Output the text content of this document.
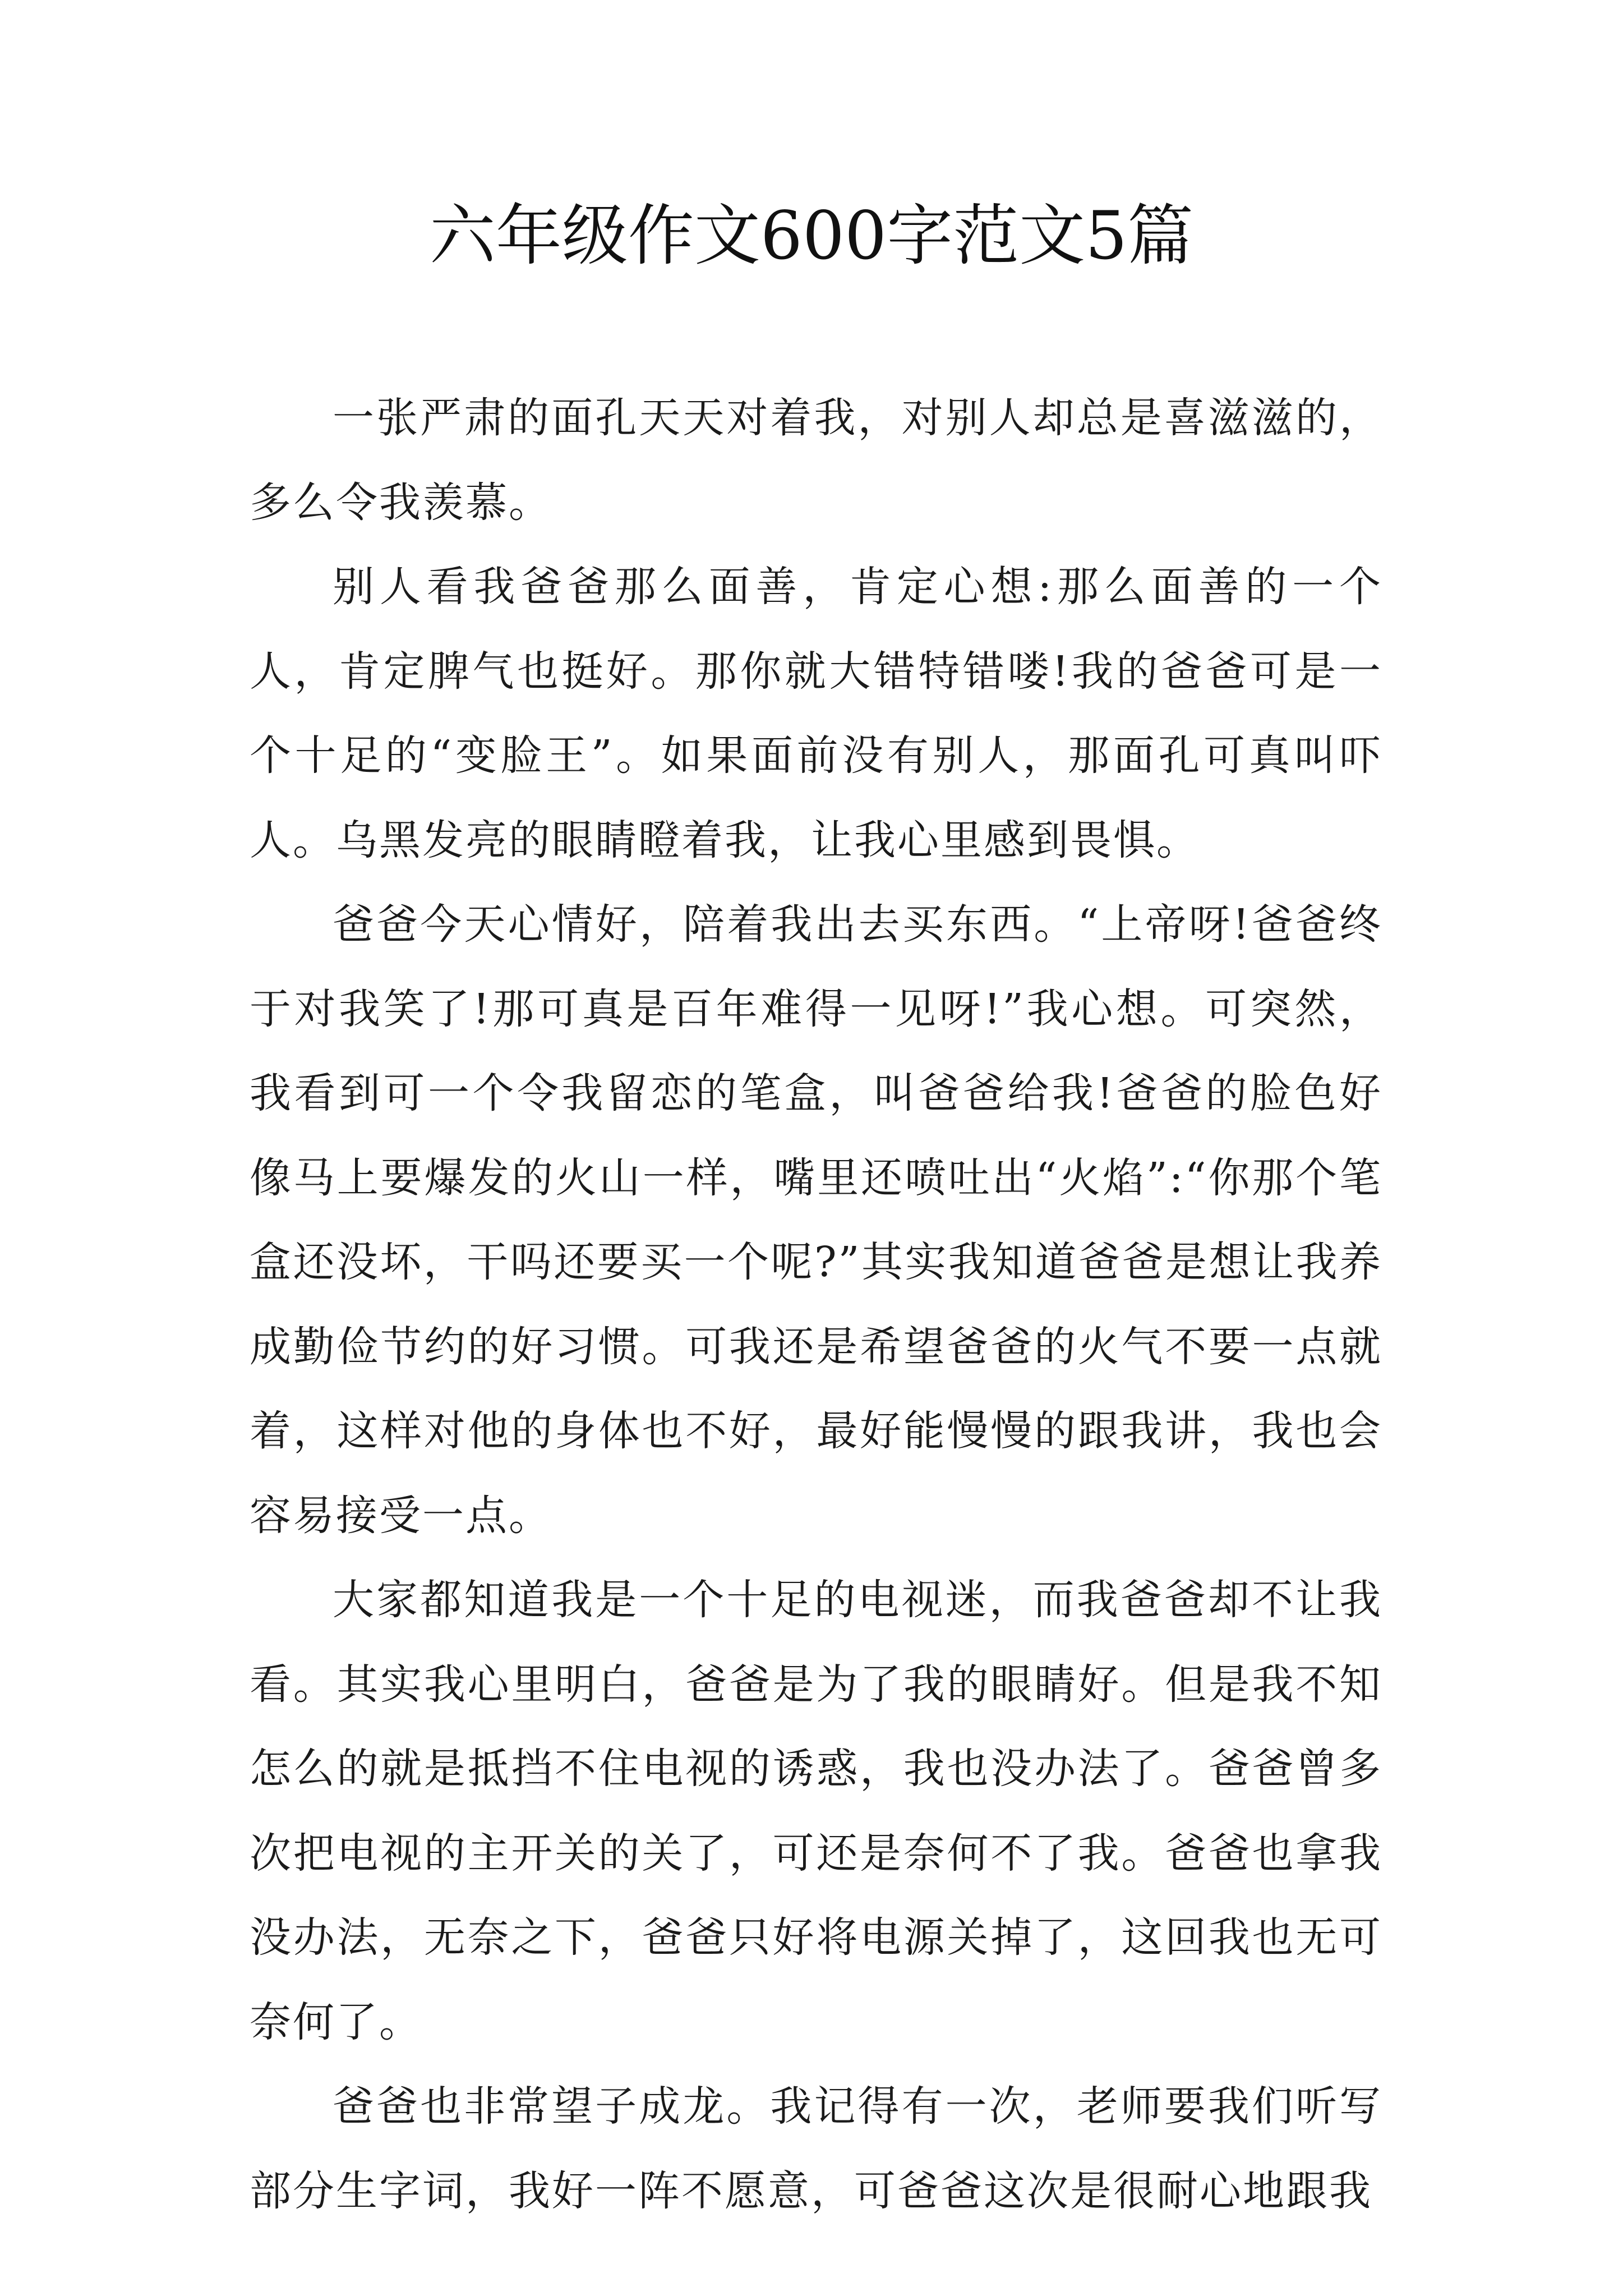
六年级作文600字范文5篇

一张严肃的面孔天天对着我，对别人却总是喜滋滋的，多么令我羡慕。

别人看我爸爸那么面善，肯定心想:那么面善的一个人，肯定脾气也挺好。那你就大错特错喽!我的爸爸可是一个十足的“变脸王”。如果面前没有别人，那面孔可真叫吓人。乌黑发亮的眼睛瞪着我，让我心里感到畏惧。

爸爸今天心情好，陪着我出去买东西。“上帝呀!爸爸终于对我笑了!那可真是百年难得一见呀!”我心想。可突然，我看到可一个令我留恋的笔盒，叫爸爸给我!爸爸的脸色好像马上要爆发的火山一样，嘴里还喷吐出“火焰”:“你那个笔盒还没坏，干吗还要买一个呢?”其实我知道爸爸是想让我养成勤俭节约的好习惯。可我还是希望爸爸的火气不要一点就着，这样对他的身体也不好，最好能慢慢的跟我讲，我也会容易接受一点。

大家都知道我是一个十足的电视迷，而我爸爸却不让我看。其实我心里明白，爸爸是为了我的眼睛好。但是我不知怎么的就是抵挡不住电视的诱惑，我也没办法了。爸爸曾多次把电视的主开关的关了，可还是奈何不了我。爸爸也拿我没办法，无奈之下，爸爸只好将电源关掉了，这回我也无可奈何了。

爸爸也非常望子成龙。我记得有一次，老师要我们听写部分生字词，我好一阵不愿意，可爸爸这次是很耐心地跟我
